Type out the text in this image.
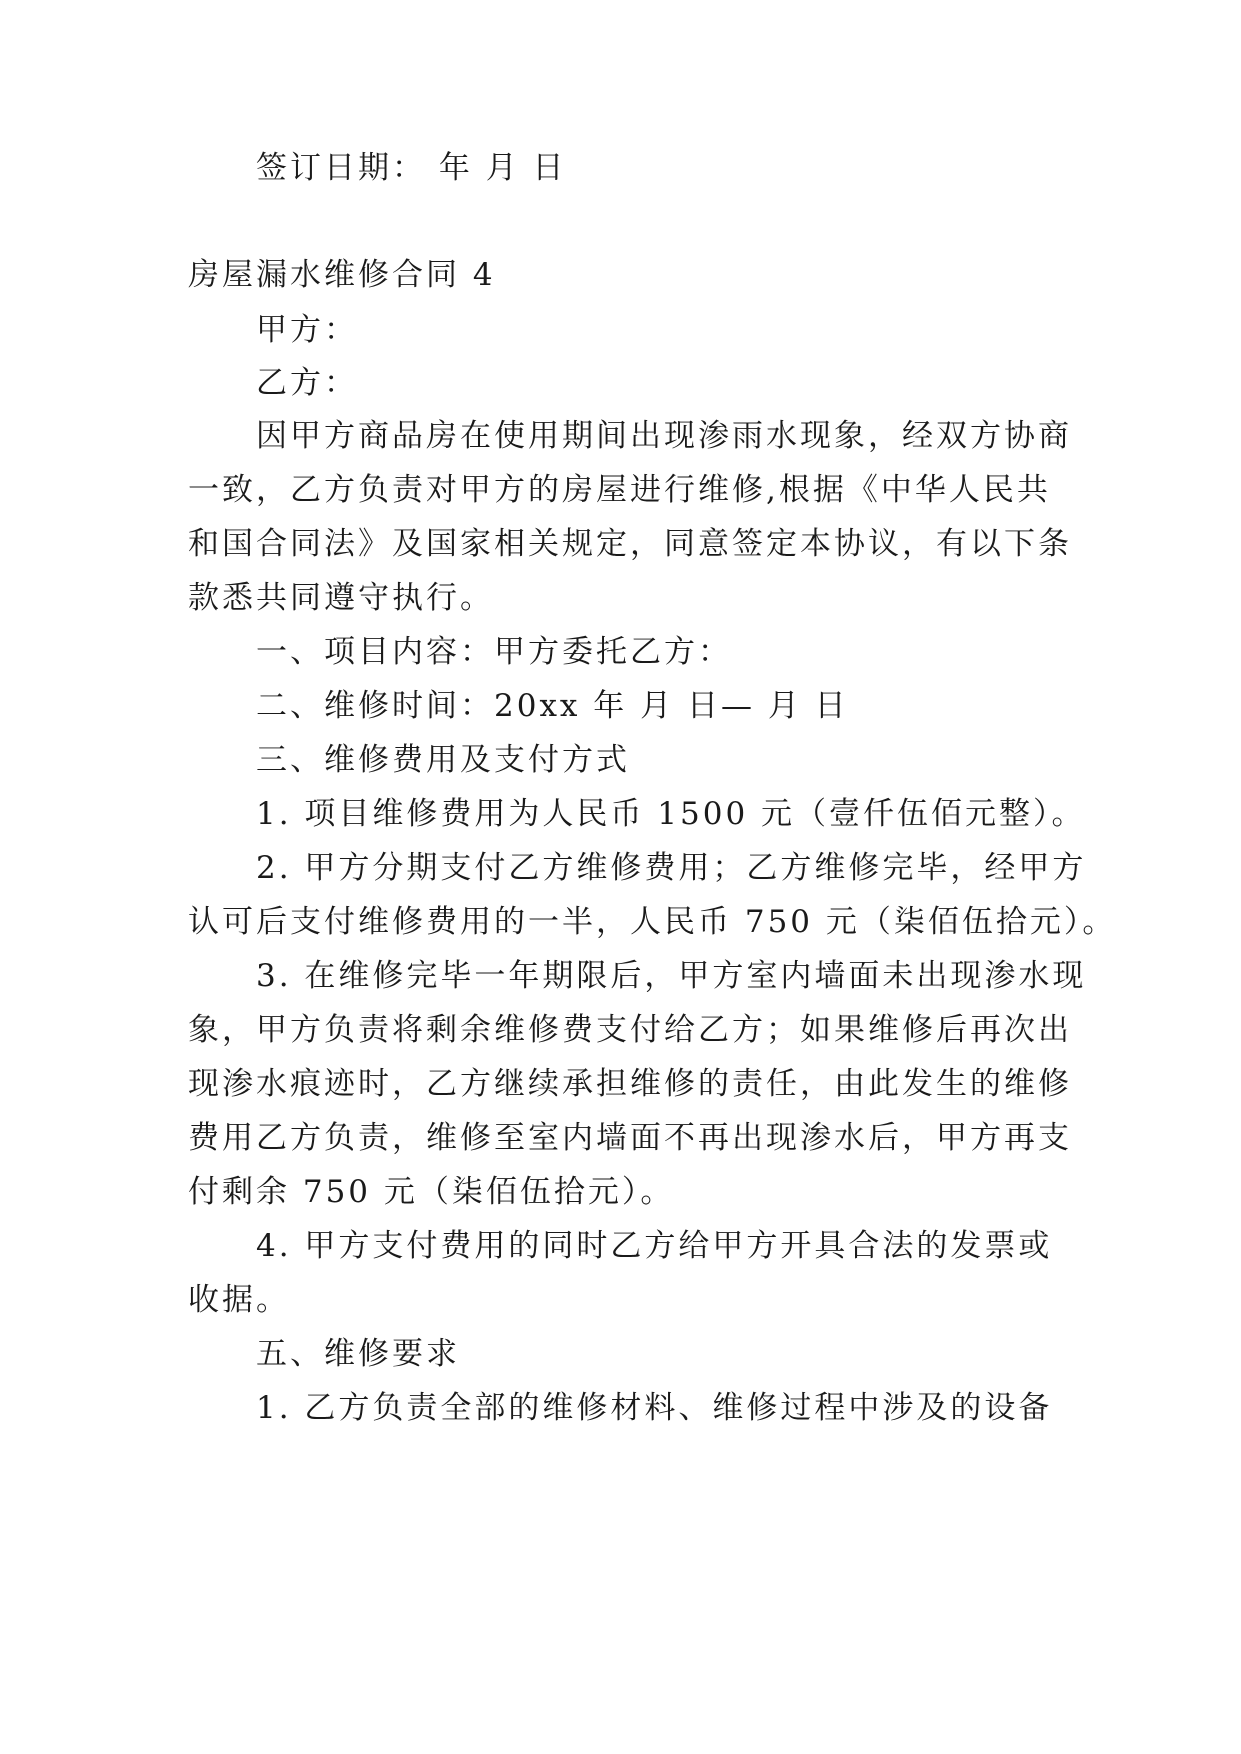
签订日期： 年 月 日
房屋漏水维修合同 4
甲方：
乙方：
因甲方商品房在使用期间出现渗雨水现象，经双方协商
一致，乙方负责对甲方的房屋进行维修,根据《中华人民共
和国合同法》及国家相关规定，同意签定本协议，有以下条
款悉共同遵守执行。
一、项目内容：甲方委托乙方：
二、维修时间：20xx 年 月 日— 月 日
三、维修费用及支付方式
1. 项目维修费用为人民币 1500 元（壹仟伍佰元整）。
2. 甲方分期支付乙方维修费用；乙方维修完毕，经甲方
认可后支付维修费用的一半，人民币 750 元（柒佰伍拾元）。
3. 在维修完毕一年期限后，甲方室内墙面未出现渗水现
象，甲方负责将剩余维修费支付给乙方；如果维修后再次出
现渗水痕迹时，乙方继续承担维修的责任，由此发生的维修
费用乙方负责，维修至室内墙面不再出现渗水后，甲方再支
付剩余 750 元（柒佰伍拾元）。
4. 甲方支付费用的同时乙方给甲方开具合法的发票或
收据。
五、维修要求
1. 乙方负责全部的维修材料、维修过程中涉及的设备
